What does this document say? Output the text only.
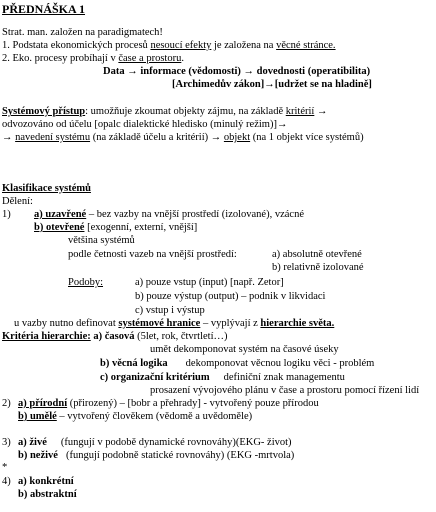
PŘEDNÁŠKA 1
Strat. man. založen na paradigmatech!
1. Podstata ekonomických procesů nesoucí efekty je založena na věcné stránce.
2. Eko. procesy probíhají v čase a prostoru.
Data → informace (vědomosti) → dovednosti (operatibilita)
[Archimedův zákon]→[udržet se na hladině]
Systémový přístup: umožňuje zkoumat objekty zájmu, na základě kritérií →
odvozováno od účelu [opalc dialektické hledisko (minulý režim)]→
→ navedení systému (na základě účelu a kritérií) → objekt (na 1 objekt více systémů)
Klasifikace systémů
Dělení:
1) a) uzavřené – bez vazby na vnější prostředí (izolované), vzácné
b) otevřené [exogenní, externí, vnější]
většina systémů
podle četnosti vazeb na vnější prostředí:	a) absolutně otevřené
b) relativně izolované
Podoby:	a) pouze vstup (input) [např. Zetor]
b) pouze výstup (output) – podnik v likvidaci
c) vstup i výstup
u vazby nutno definovat systémové hranice – vyplývají z hierarchie světa.
Kritéria hierarchie: a) časová (5let, rok, čtvrtletí…)
umět dekomponovat systém na časové úseky
b) věcná logika dekomponovat věcnou logiku věci - problém
c) organizační kritérium definiční znak managementu
prosazení vývojového plánu v čase a prostoru pomocí řízení lidí
2) a) přírodní (přirozený) – [bobr a přehrady] - vytvořený pouze přírodou
b) umělé – vytvořený člověkem (vědomě a uvědoměle)
3) a) živé (fungují v podobě dynamické rovnováhy)(EKG- život)
b) neživé (fungují podobně statické rovnováhy) (EKG -mrtvola)
*
4) a) konkrétní
b) abstraktní
